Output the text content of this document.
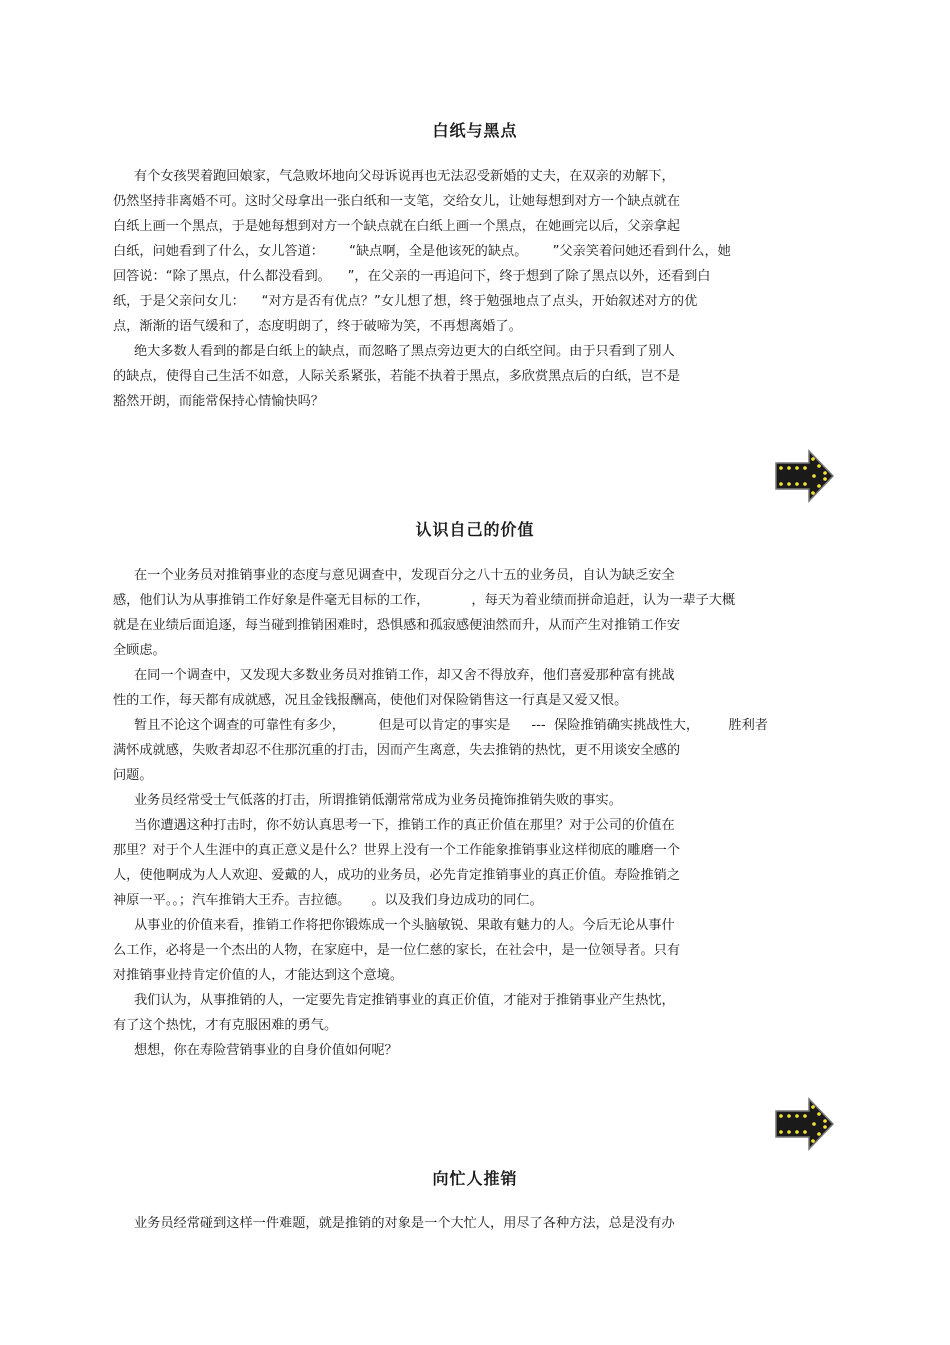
白纸与黑点
有个女孩哭着跑回娘家，气急败坏地向父母诉说再也无法忍受新婚的丈夫，在双亲的劝解下，
仍然坚持非离婚不可。这时父母拿出一张白纸和一支笔，交给女儿，让她每想到对方一个缺点就在
白纸上画一个黑点，于是她每想到对方一个缺点就在白纸上画一个黑点，在她画完以后，父亲拿起
白纸，问她看到了什么，女儿答道：      “缺点啊，全是他该死的缺点。      ”父亲笑着问她还看到什么，她
回答说：“除了黑点，什么都没看到。    ”，在父亲的一再追问下，终于想到了除了黑点以外，还看到白
纸，于是父亲问女儿：    “对方是否有优点？”女儿想了想，终于勉强地点了点头，开始叙述对方的优
点，渐渐的语气缓和了，态度明朗了，终于破啼为笑，不再想离婚了。
绝大多数人看到的都是白纸上的缺点，而忽略了黑点旁边更大的白纸空间。由于只看到了别人
的缺点，使得自己生活不如意，人际关系紧张，若能不执着于黑点，多欣赏黑点后的白纸，岂不是
豁然开朗，而能常保持心情愉快吗？
认识自己的价值
在一个业务员对推销事业的态度与意见调查中，发现百分之八十五的业务员，自认为缺乏安全
感，他们认为从事推销工作好象是件毫无目标的工作，          ，每天为着业绩而拼命追赶，认为一辈子大概
就是在业绩后面追逐，每当碰到推销困难时，恐惧感和孤寂感便油然而升，从而产生对推销工作安
全顾虑。
在同一个调查中，又发现大多数业务员对推销工作，却又舍不得放弃，他们喜爱那种富有挑战
性的工作，每天都有成就感，况且金钱报酬高，使他们对保险销售这一行真是又爱又恨。
暂且不论这个调查的可靠性有多少，        但是可以肯定的事实是     ---  保险推销确实挑战性大，       胜利者
满怀成就感，失败者却忍不住那沉重的打击，因而产生离意，失去推销的热忱，更不用谈安全感的
问题。
业务员经常受士气低落的打击，所谓推销低潮常常成为业务员掩饰推销失败的事实。
当你遭遇这种打击时，你不妨认真思考一下，推销工作的真正价值在那里？对于公司的价值在
那里？对于个人生涯中的真正意义是什么？世界上没有一个工作能象推销事业这样彻底的雕磨一个
人，使他啊成为人人欢迎、爱戴的人，成功的业务员，必先肯定推销事业的真正价值。寿险推销之
神原一平。。；汽车推销大王乔。吉拉德。     。以及我们身边成功的同仁。
从事业的价值来看，推销工作将把你锻炼成一个头脑敏锐、果敢有魅力的人。今后无论从事什
么工作，必将是一个杰出的人物，在家庭中，是一位仁慈的家长，在社会中，是一位领导者。只有
对推销事业持肯定价值的人，才能达到这个意境。
我们认为，从事推销的人，一定要先肯定推销事业的真正价值，才能对于推销事业产生热忱，
有了这个热忱，才有克服困难的勇气。
想想，你在寿险营销事业的自身价值如何呢？
向忙人推销
业务员经常碰到这样一件难题，就是推销的对象是一个大忙人，用尽了各种方法，总是没有办
